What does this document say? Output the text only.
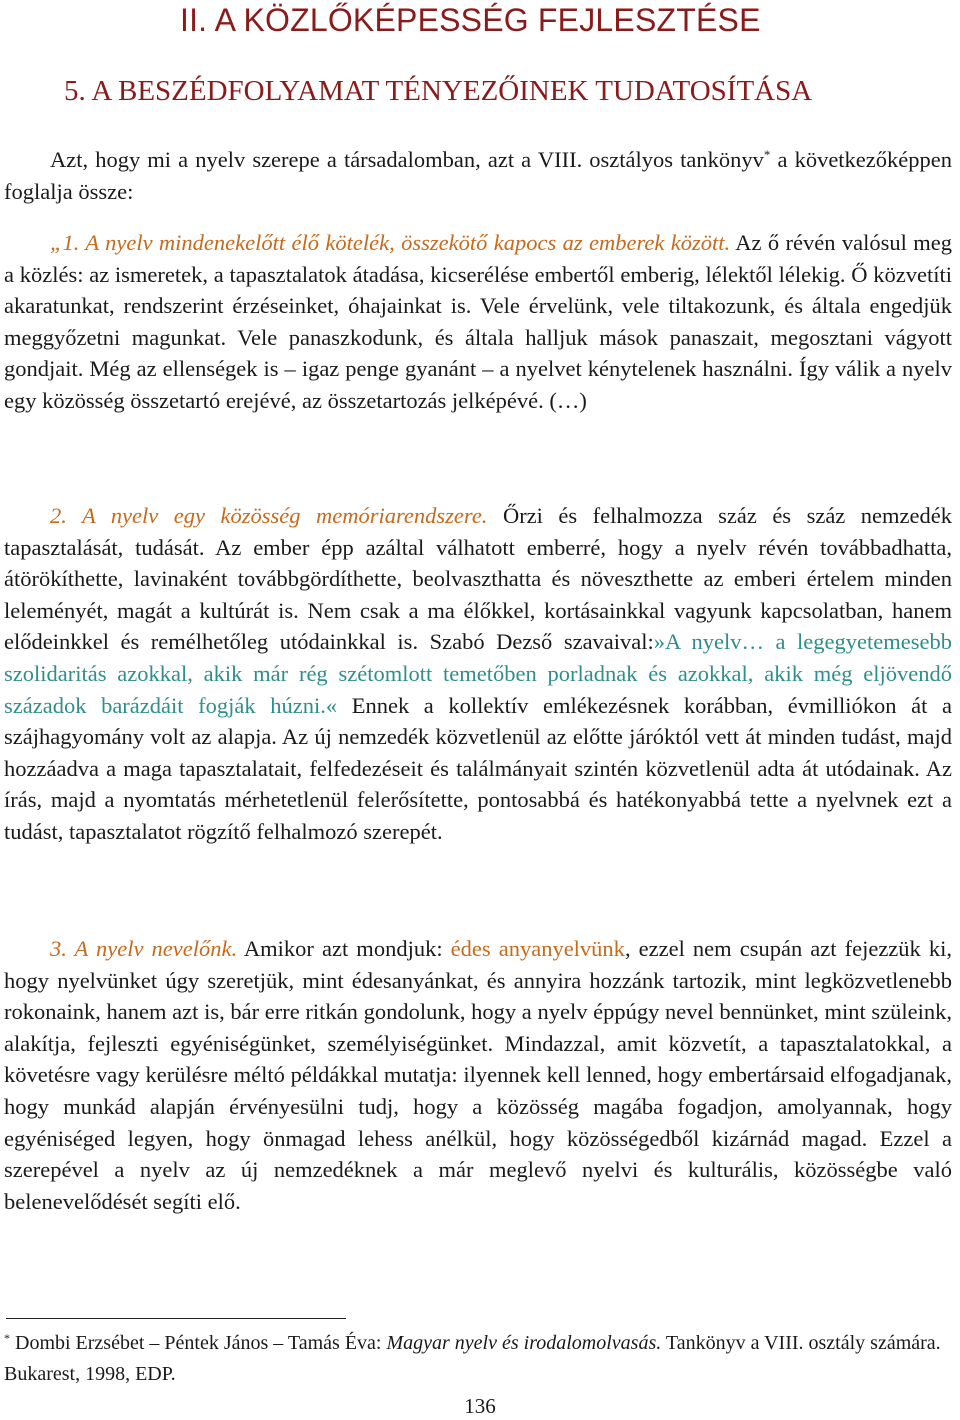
II. A KÖZLŐKÉPESSÉG FEJLESZTÉSE
5. A BESZÉDFOLYAMAT TÉNYEZŐINEK TUDATOSÍTÁSA

Azt, hogy mi a nyelv szerepe a társadalomban, azt a VIII. osztályos tankönyv* a következőképpen foglalja össze:

„1. A nyelv mindenekelőtt élő kötelék, összekötő kapocs az emberek között. Az ő révén valósul meg a közlés: az ismeretek, a tapasztalatok átadása, kicserélése embertől emberig, lélektől lélekig. Ő közvetíti akaratunkat, rendszerint érzéseinket, óhajainkat is. Vele érvelünk, vele tiltakozunk, és általa engedjük meggyőzetni magunkat. Vele panaszkodunk, és általa halljuk mások panaszait, megosztani vágyott gondjait. Még az ellenségek is – igaz penge gyanánt – a nyelvet kénytelenek használni. Így válik a nyelv egy közösség összetartó erejévé, az összetartozás jelképévé. (…)

2. A nyelv egy közösség memóriarendszere. Őrzi és felhalmozza száz és száz nemzedék tapasztalását, tudását. Az ember épp azáltal válhatott emberré, hogy a nyelv révén továbbadhatta, átörökíthette, lavinaként továbbgördíthette, beolvaszthatta és növeszthette az emberi értelem minden leleményét, magát a kultúrát is. Nem csak a ma élőkkel, kortásainkkal vagyunk kapcsolatban, hanem elődeinkkel és remélhetőleg utódainkkal is. Szabó Dezső szavaival:»A nyelv… a legegyetemesebb szolidaritás azokkal, akik már rég szétomlott temetőben porladnak és azokkal, akik még eljövendő századok barázdáit fogják húzni.« Ennek a kollektív emlékezésnek korábban, évmilliókon át a szájhagyomány volt az alapja. Az új nemzedék közvetlenül az előtte járóktól vett át minden tudást, majd hozzáadva a maga tapasztalatait, felfedezéseit és találmányait szintén közvetlenül adta át utódainak. Az írás, majd a nyomtatás mérhetetlenül felerősítette, pontosabbá és hatékonyabbá tette a nyelvnek ezt a tudást, tapasztalatot rögzítő felhalmozó szerepét.

3. A nyelv nevelőnk. Amikor azt mondjuk: édes anyanyelvünk, ezzel nem csupán azt fejezzük ki, hogy nyelvünket úgy szeretjük, mint édesanyánkat, és annyira hozzánk tartozik, mint legközvetlenebb rokonaink, hanem azt is, bár erre ritkán gondolunk, hogy a nyelv éppúgy nevel bennünket, mint szüleink, alakítja, fejleszti egyéniségünket, személyiségünket. Mindazzal, amit közvetít, a tapasztalatokkal, a követésre vagy kerülésre méltó példákkal mutatja: ilyennek kell lenned, hogy embertársaid elfogadjanak, hogy munkád alapján érvényesülni tudj, hogy a közösség magába fogadjon, amolyannak, hogy egyéniséged legyen, hogy önmagad lehess anélkül, hogy közösségedből kizárnád magad. Ezzel a szerepével a nyelv az új nemzedéknek a már meglevő nyelvi és kulturális, közösségbe való belenevelődését segíti elő.

* Dombi Erzsébet – Péntek János – Tamás Éva: Magyar nyelv és irodalomolvasás. Tankönyv a VIII. osztály számára. Bukarest, 1998, EDP.

136
